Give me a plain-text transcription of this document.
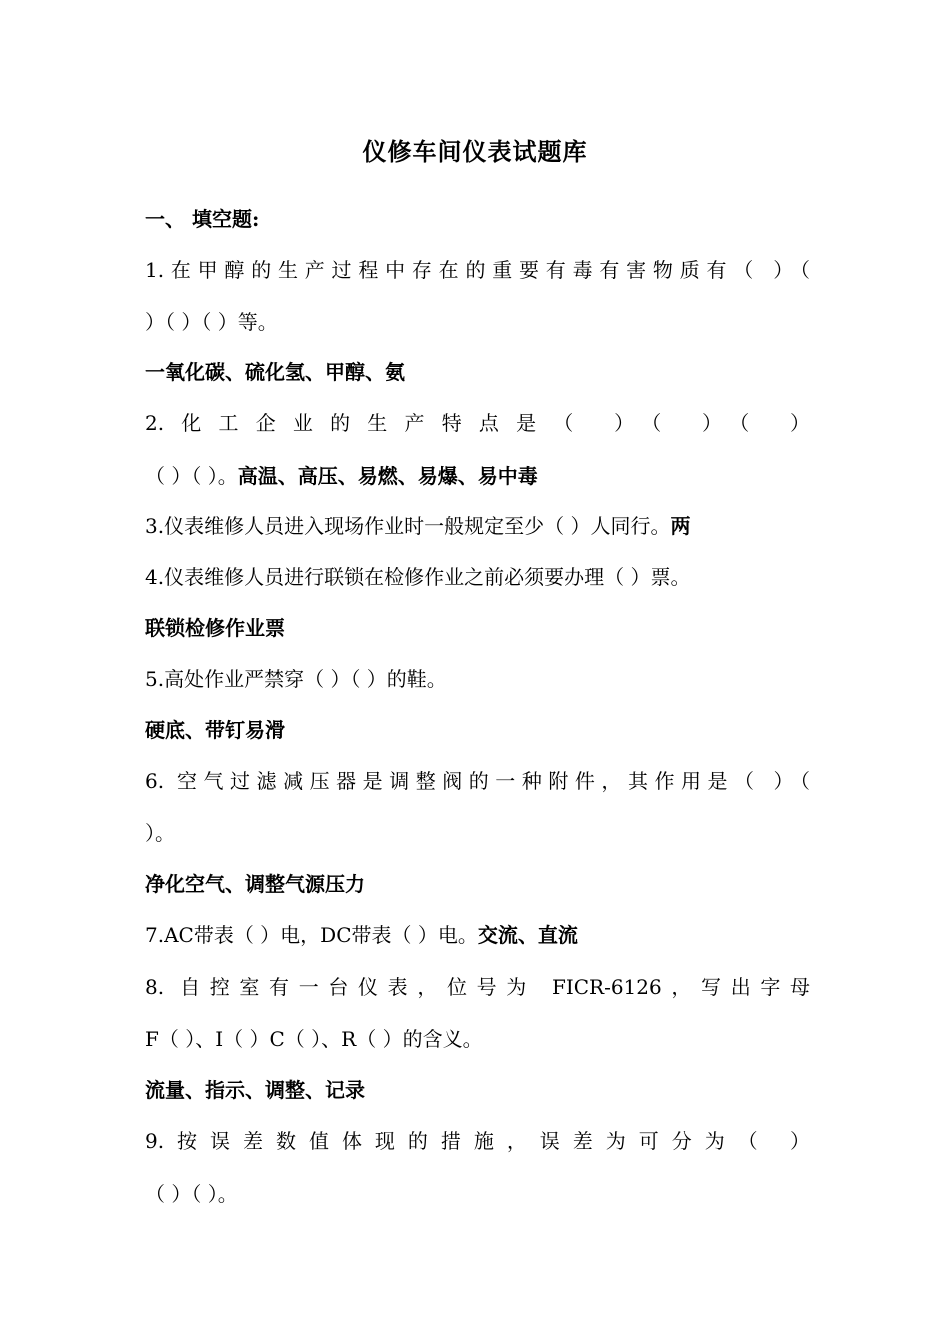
仪修车间仪表试题库
一、 填空题:
1.在甲醇的生产过程中存在的重要有毒有害物质有（ ）（
）（ ）（ ）等。
一氧化碳、硫化氢、甲醇、氨
2.化工企业的生产特点是（ ）（ ）（ ）
（ ）（ ）。高温、高压、易燃、易爆、易中毒
3.仪表维修人员进入现场作业时一般规定至少（ ）人同行。两
4.仪表维修人员进行联锁在检修作业之前必须要办理（ ）票。
联锁检修作业票
5.高处作业严禁穿（ ）（ ）的鞋。
硬底、带钉易滑
6. 空气过滤减压器是调整阀的一种附件，其作用是（ ）（
）。
净化空气、调整气源压力
7.AC带表（ ）电，DC带表（ ）电。交流、直流
8. 自控室有一台仪表，位号为 FICR-6126，写出字母
F（ ）、I（ ）C（ ）、R（ ）的含义。
流量、指示、调整、记录
9.按误差数值体现的措施，误差为可分为（ ）
（ ）（ ）。
